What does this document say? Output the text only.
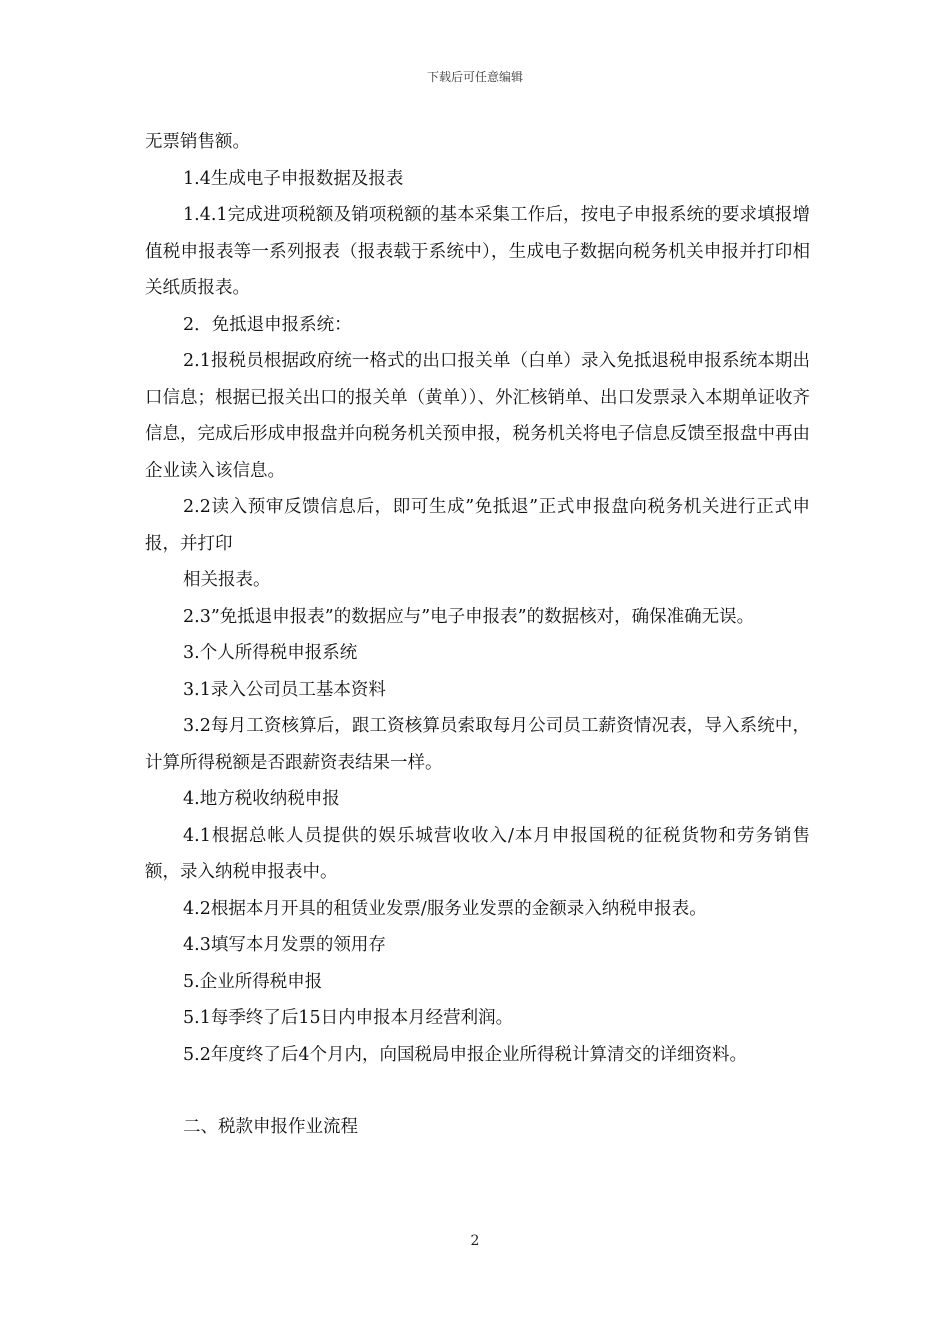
下载后可任意编辑

无票销售额。

1.4生成电子申报数据及报表

1.4.1完成进项税额及销项税额的基本采集工作后，按电子申报系统的要求填报增值税申报表等一系列报表（报表载于系统中），生成电子数据向税务机关申报并打印相关纸质报表。

2．免抵退申报系统：

2.1报税员根据政府统一格式的出口报关单（白单）录入免抵退税申报系统本期出口信息；根据已报关出口的报关单（黄单））、外汇核销单、出口发票录入本期单证收齐信息，完成后形成申报盘并向税务机关预申报，税务机关将电子信息反馈至报盘中再由企业读入该信息。

2.2读入预审反馈信息后，即可生成”免抵退”正式申报盘向税务机关进行正式申报，并打印

相关报表。

2.3”免抵退申报表”的数据应与”电子申报表”的数据核对，确保准确无误。

3.个人所得税申报系统

3.1录入公司员工基本资料

3.2每月工资核算后，跟工资核算员索取每月公司员工薪资情况表，导入系统中，计算所得税额是否跟薪资表结果一样。

4.地方税收纳税申报

4.1根据总帐人员提供的娱乐城营收收入/本月申报国税的征税货物和劳务销售额，录入纳税申报表中。

4.2根据本月开具的租赁业发票/服务业发票的金额录入纳税申报表。

4.3填写本月发票的领用存

5.企业所得税申报

5.1每季终了后15日内申报本月经营利润。

5.2年度终了后4个月内，向国税局申报企业所得税计算清交的详细资料。

二、税款申报作业流程

2
